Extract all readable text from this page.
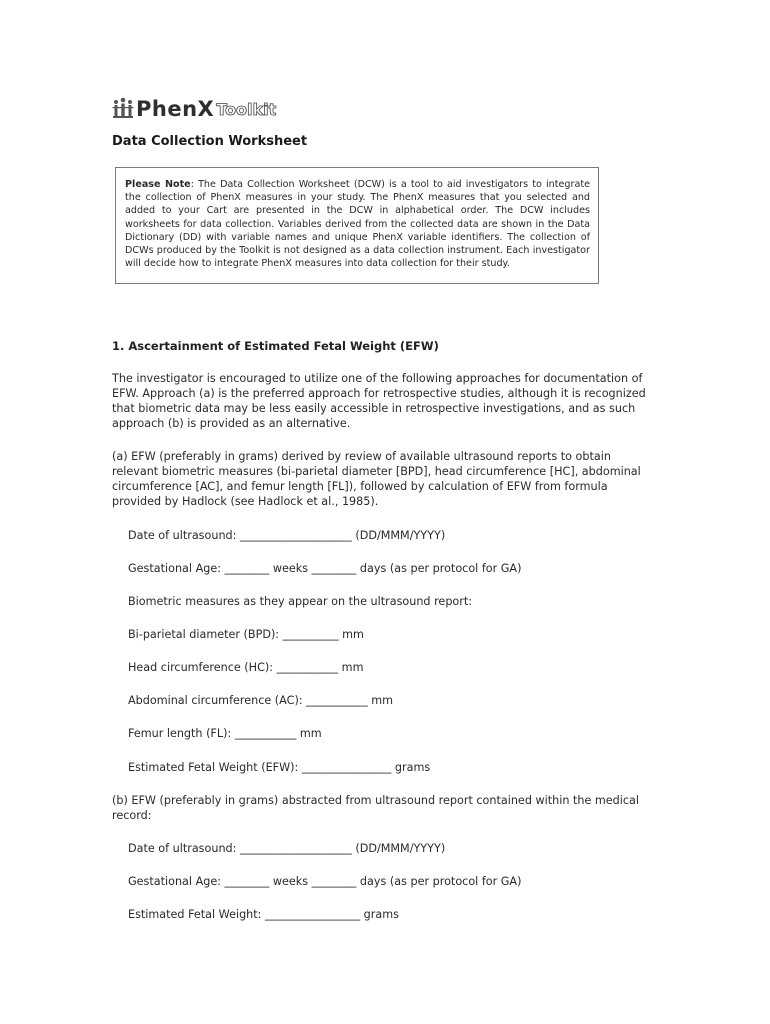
PhenX Toolkit
Data Collection Worksheet
Please Note: The Data Collection Worksheet (DCW) is a tool to aid investigators to integrate the collection of PhenX measures in your study. The PhenX measures that you selected and added to your Cart are presented in the DCW in alphabetical order. The DCW includes worksheets for data collection. Variables derived from the collected data are shown in the Data Dictionary (DD) with variable names and unique PhenX variable identifiers. The collection of DCWs produced by the Toolkit is not designed as a data collection instrument. Each investigator will decide how to integrate PhenX measures into data collection for their study.
1. Ascertainment of Estimated Fetal Weight (EFW)

The investigator is encouraged to utilize one of the following approaches for documentation of EFW. Approach (a) is the preferred approach for retrospective studies, although it is recognized that biometric data may be less easily accessible in retrospective investigations, and as such approach (b) is provided as an alternative.

(a) EFW (preferably in grams) derived by review of available ultrasound reports to obtain relevant biometric measures (bi-parietal diameter [BPD], head circumference [HC], abdominal circumference [AC], and femur length [FL]), followed by calculation of EFW from formula provided by Hadlock (see Hadlock et al., 1985).

Date of ultrasound: ____________________ (DD/MMM/YYYY)
Gestational Age: ________ weeks ________ days (as per protocol for GA)
Biometric measures as they appear on the ultrasound report:
Bi-parietal diameter (BPD): __________ mm
Head circumference (HC): ___________ mm
Abdominal circumference (AC): ___________ mm
Femur length (FL): ___________ mm
Estimated Fetal Weight (EFW): ________________ grams

(b) EFW (preferably in grams) abstracted from ultrasound report contained within the medical record:

Date of ultrasound: ____________________ (DD/MMM/YYYY)
Gestational Age: ________ weeks ________ days (as per protocol for GA)
Estimated Fetal Weight: _________________ grams
